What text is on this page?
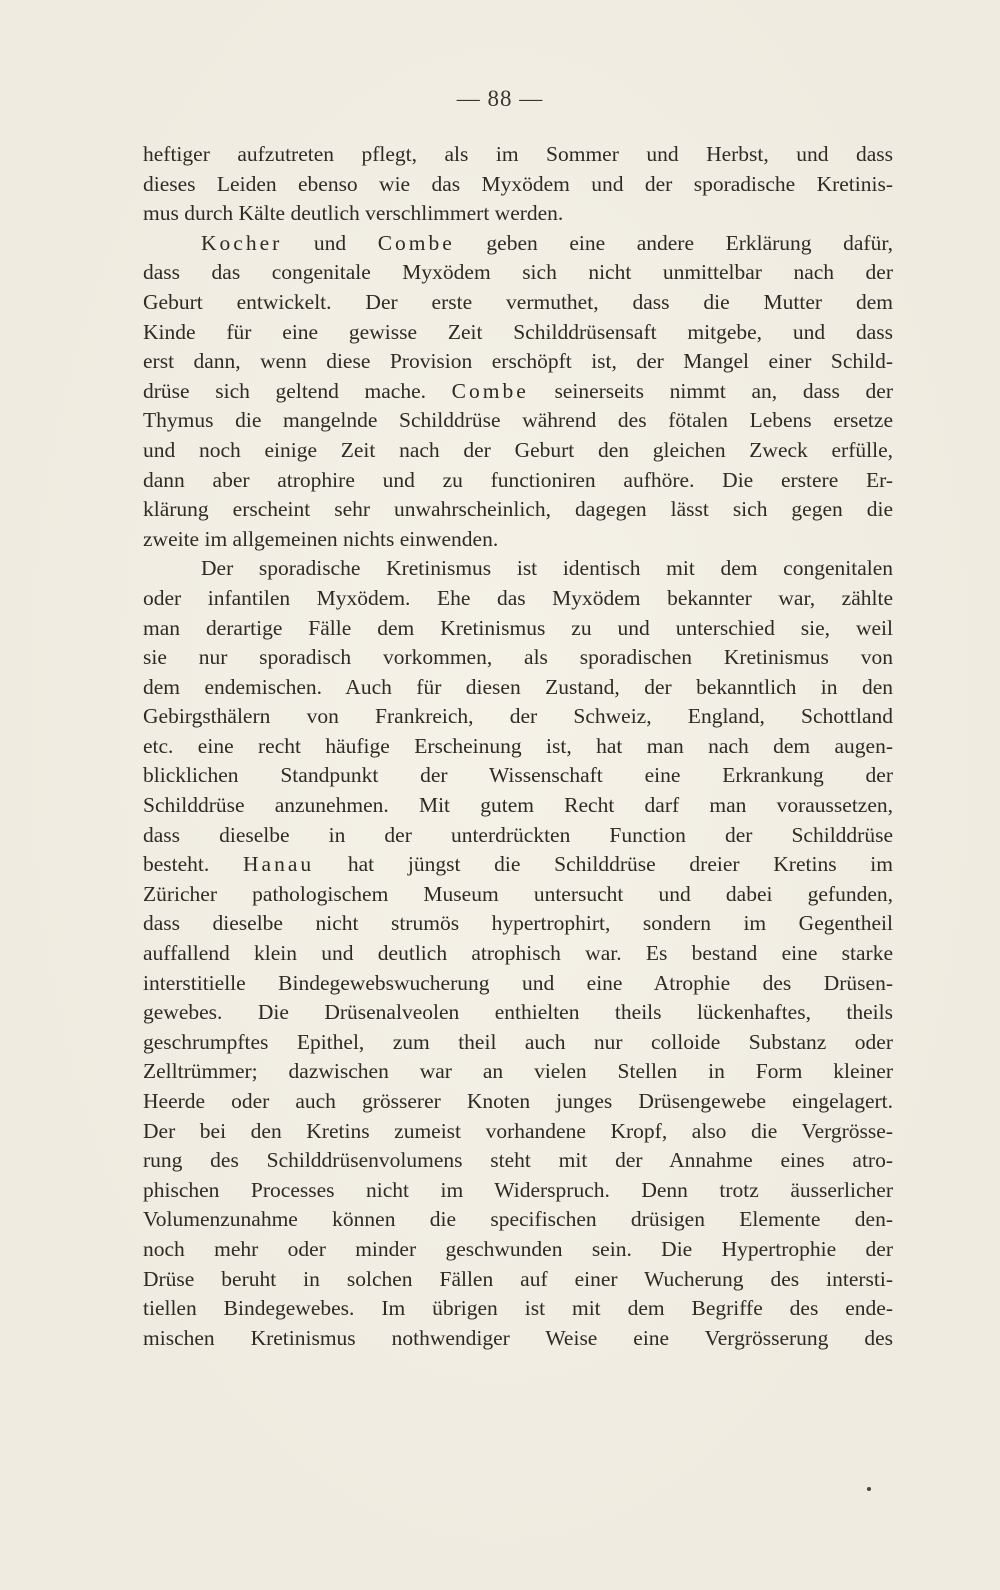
— 88 —
heftiger aufzutreten pflegt, als im Sommer und Herbst, und dass
dieses Leiden ebenso wie das Myxödem und der sporadische Kretinis-
mus durch Kälte deutlich verschlimmert werden.
Kocher und Combe geben eine andere Erklärung dafür,
dass das congenitale Myxödem sich nicht unmittelbar nach der
Geburt entwickelt. Der erste vermuthet, dass die Mutter dem
Kinde für eine gewisse Zeit Schilddrüsensaft mitgebe, und dass
erst dann, wenn diese Provision erschöpft ist, der Mangel einer Schild-
drüse sich geltend mache. Combe seinerseits nimmt an, dass der
Thymus die mangelnde Schilddrüse während des fötalen Lebens ersetze
und noch einige Zeit nach der Geburt den gleichen Zweck erfülle,
dann aber atrophire und zu functioniren aufhöre. Die erstere Er-
klärung erscheint sehr unwahrscheinlich, dagegen lässt sich gegen die
zweite im allgemeinen nichts einwenden.
Der sporadische Kretinismus ist identisch mit dem congenitalen
oder infantilen Myxödem. Ehe das Myxödem bekannter war, zählte
man derartige Fälle dem Kretinismus zu und unterschied sie, weil
sie nur sporadisch vorkommen, als sporadischen Kretinismus von
dem endemischen. Auch für diesen Zustand, der bekanntlich in den
Gebirgsthälern von Frankreich, der Schweiz, England, Schottland
etc. eine recht häufige Erscheinung ist, hat man nach dem augen-
blicklichen Standpunkt der Wissenschaft eine Erkrankung der
Schilddrüse anzunehmen. Mit gutem Recht darf man voraussetzen,
dass dieselbe in der unterdrückten Function der Schilddrüse
besteht. Hanau hat jüngst die Schilddrüse dreier Kretins im
Züricher pathologischem Museum untersucht und dabei gefunden,
dass dieselbe nicht strumös hypertrophirt, sondern im Gegentheil
auffallend klein und deutlich atrophisch war. Es bestand eine starke
interstitielle Bindegewebswucherung und eine Atrophie des Drüsen-
gewebes. Die Drüsenalveolen enthielten theils lückenhaftes, theils
geschrumpftes Epithel, zum theil auch nur colloide Substanz oder
Zelltrümmer; dazwischen war an vielen Stellen in Form kleiner
Heerde oder auch grösserer Knoten junges Drüsengewebe eingelagert.
Der bei den Kretins zumeist vorhandene Kropf, also die Vergrösse-
rung des Schilddrüsenvolumens steht mit der Annahme eines atro-
phischen Processes nicht im Widerspruch. Denn trotz äusserlicher
Volumenzunahme können die specifischen drüsigen Elemente den-
noch mehr oder minder geschwunden sein. Die Hypertrophie der
Drüse beruht in solchen Fällen auf einer Wucherung des intersti-
tiellen Bindegewebes. Im übrigen ist mit dem Begriffe des ende-
mischen Kretinismus nothwendiger Weise eine Vergrösserung des
